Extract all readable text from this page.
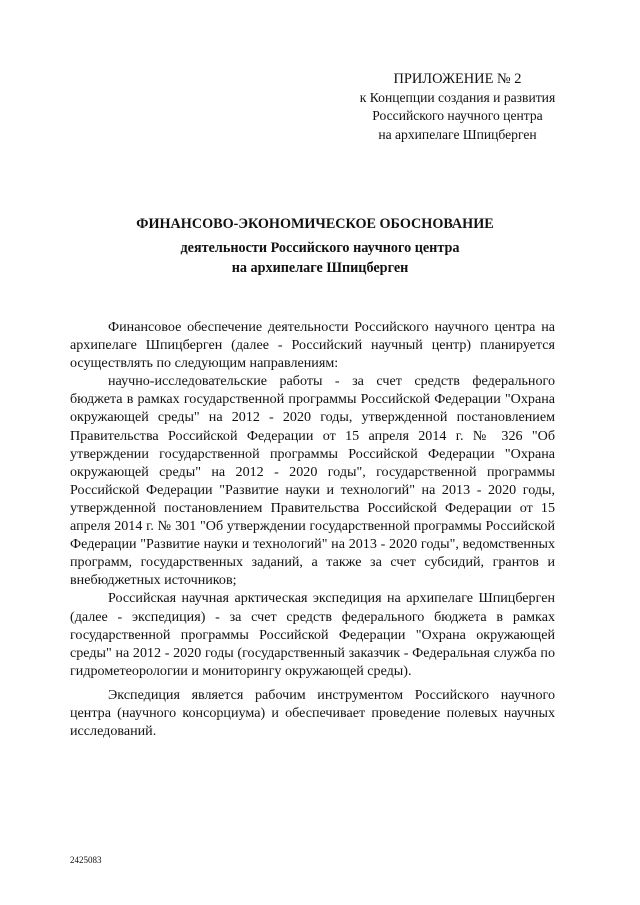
ПРИЛОЖЕНИЕ № 2
к Концепции создания и развития
Российского научного центра
на архипелаге Шпицберген
ФИНАНСОВО-ЭКОНОМИЧЕСКОЕ ОБОСНОВАНИЕ
деятельности Российского научного центра
на архипелаге Шпицберген

Финансовое обеспечение деятельности Российского научного центра на архипелаге Шпицберген (далее - Российский научный центр) планируется осуществлять по следующим направлениям:

научно-исследовательские работы - за счет средств федерального бюджета в рамках государственной программы Российской Федерации "Охрана окружающей среды" на 2012 - 2020 годы, утвержденной постановлением Правительства Российской Федерации от 15 апреля 2014 г. № 326 "Об утверждении государственной программы Российской Федерации "Охрана окружающей среды" на 2012 - 2020 годы", государственной программы Российской Федерации "Развитие науки и технологий" на 2013 - 2020 годы, утвержденной постановлением Правительства Российской Федерации от 15 апреля 2014 г. № 301 "Об утверждении государственной программы Российской Федерации "Развитие науки и технологий" на 2013 - 2020 годы", ведомственных программ, государственных заданий, а также за счет субсидий, грантов и внебюджетных источников;

Российская научная арктическая экспедиция на архипелаге Шпицберген (далее - экспедиция) - за счет средств федерального бюджета в рамках государственной программы Российской Федерации "Охрана окружающей среды" на 2012 - 2020 годы (государственный заказчик - Федеральная служба по гидрометеорологии и мониторингу окружающей среды).

Экспедиция является рабочим инструментом Российского научного центра (научного консорциума) и обеспечивает проведение полевых научных исследований.

2425083
